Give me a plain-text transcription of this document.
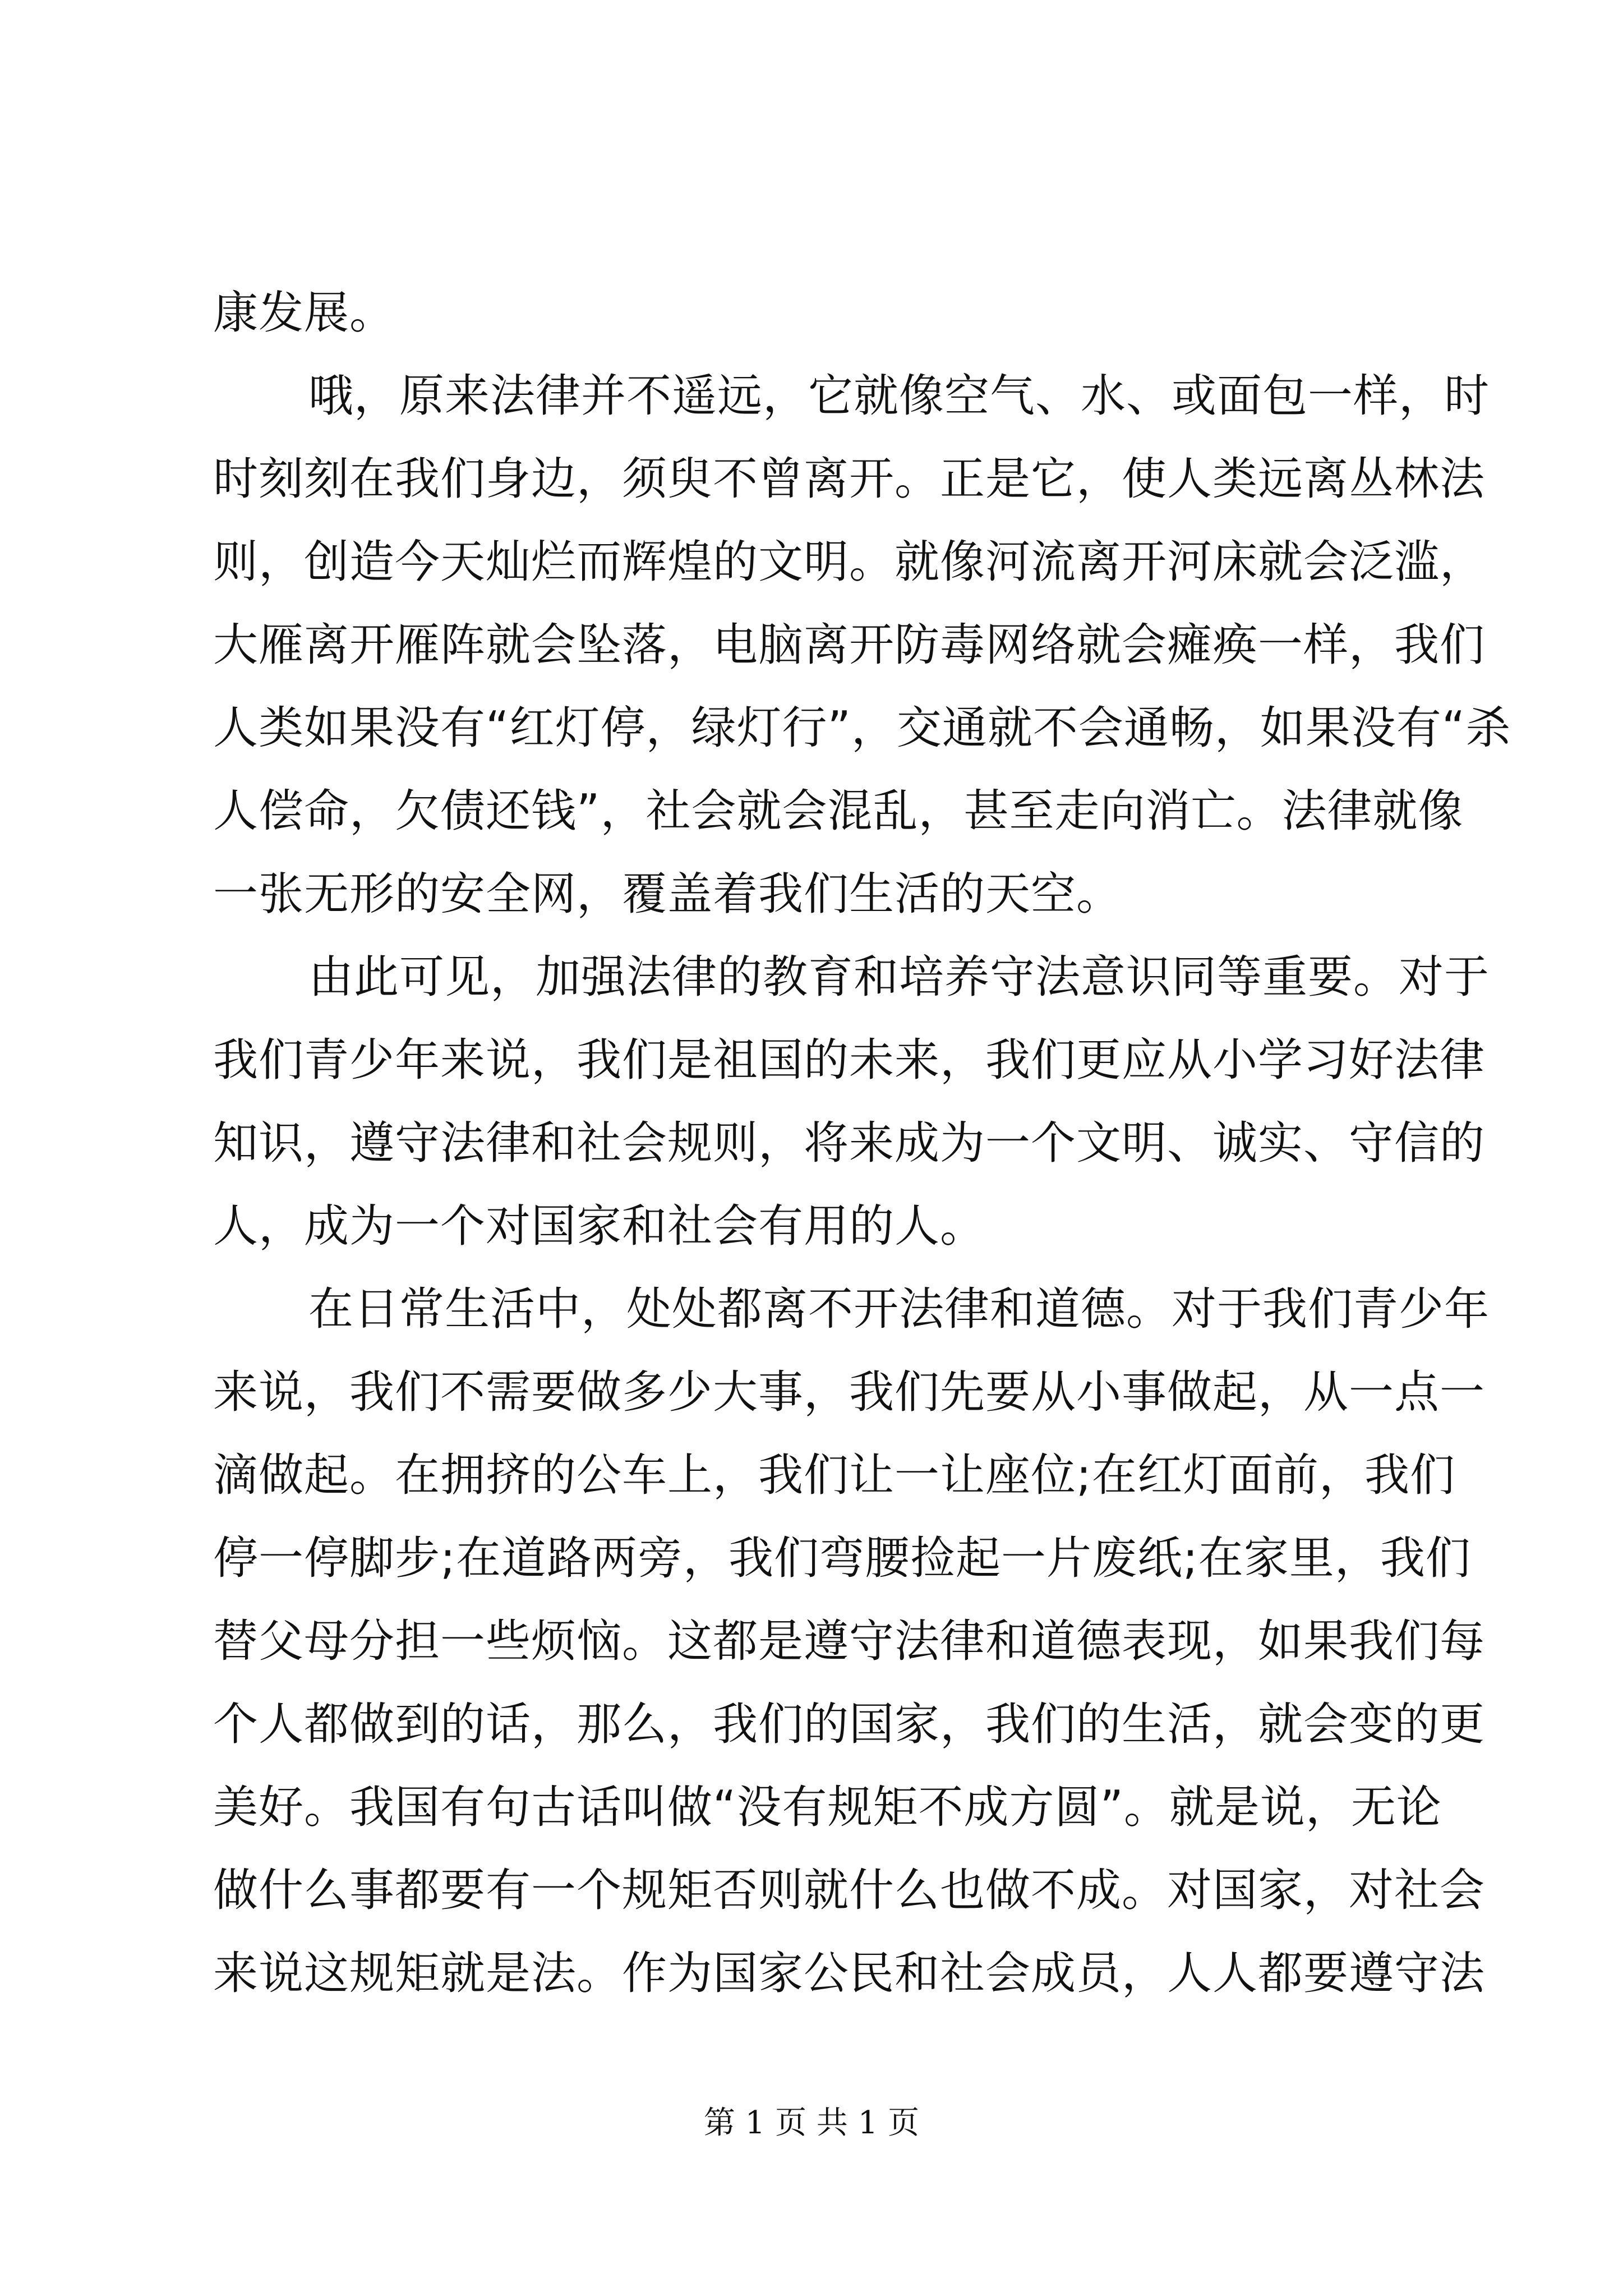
康发展。
哦，原来法律并不遥远，它就像空气、水、或面包一样，时
时刻刻在我们身边，须臾不曾离开。正是它，使人类远离丛林法
则，创造今天灿烂而辉煌的文明。就像河流离开河床就会泛滥，
大雁离开雁阵就会坠落，电脑离开防毒网络就会瘫痪一样，我们
人类如果没有“红灯停，绿灯行”，交通就不会通畅，如果没有“杀
人偿命，欠债还钱”，社会就会混乱，甚至走向消亡。法律就像
一张无形的安全网，覆盖着我们生活的天空。
由此可见，加强法律的教育和培养守法意识同等重要。对于
我们青少年来说，我们是祖国的未来，我们更应从小学习好法律
知识，遵守法律和社会规则，将来成为一个文明、诚实、守信的
人，成为一个对国家和社会有用的人。
在日常生活中，处处都离不开法律和道德。对于我们青少年
来说，我们不需要做多少大事，我们先要从小事做起，从一点一
滴做起。在拥挤的公车上，我们让一让座位;在红灯面前，我们
停一停脚步;在道路两旁，我们弯腰捡起一片废纸;在家里，我们
替父母分担一些烦恼。这都是遵守法律和道德表现，如果我们每
个人都做到的话，那么，我们的国家，我们的生活，就会变的更
美好。我国有句古话叫做“没有规矩不成方圆”。就是说，无论
做什么事都要有一个规矩否则就什么也做不成。对国家，对社会
来说这规矩就是法。作为国家公民和社会成员，人人都要遵守法
第 1 页 共 1 页
